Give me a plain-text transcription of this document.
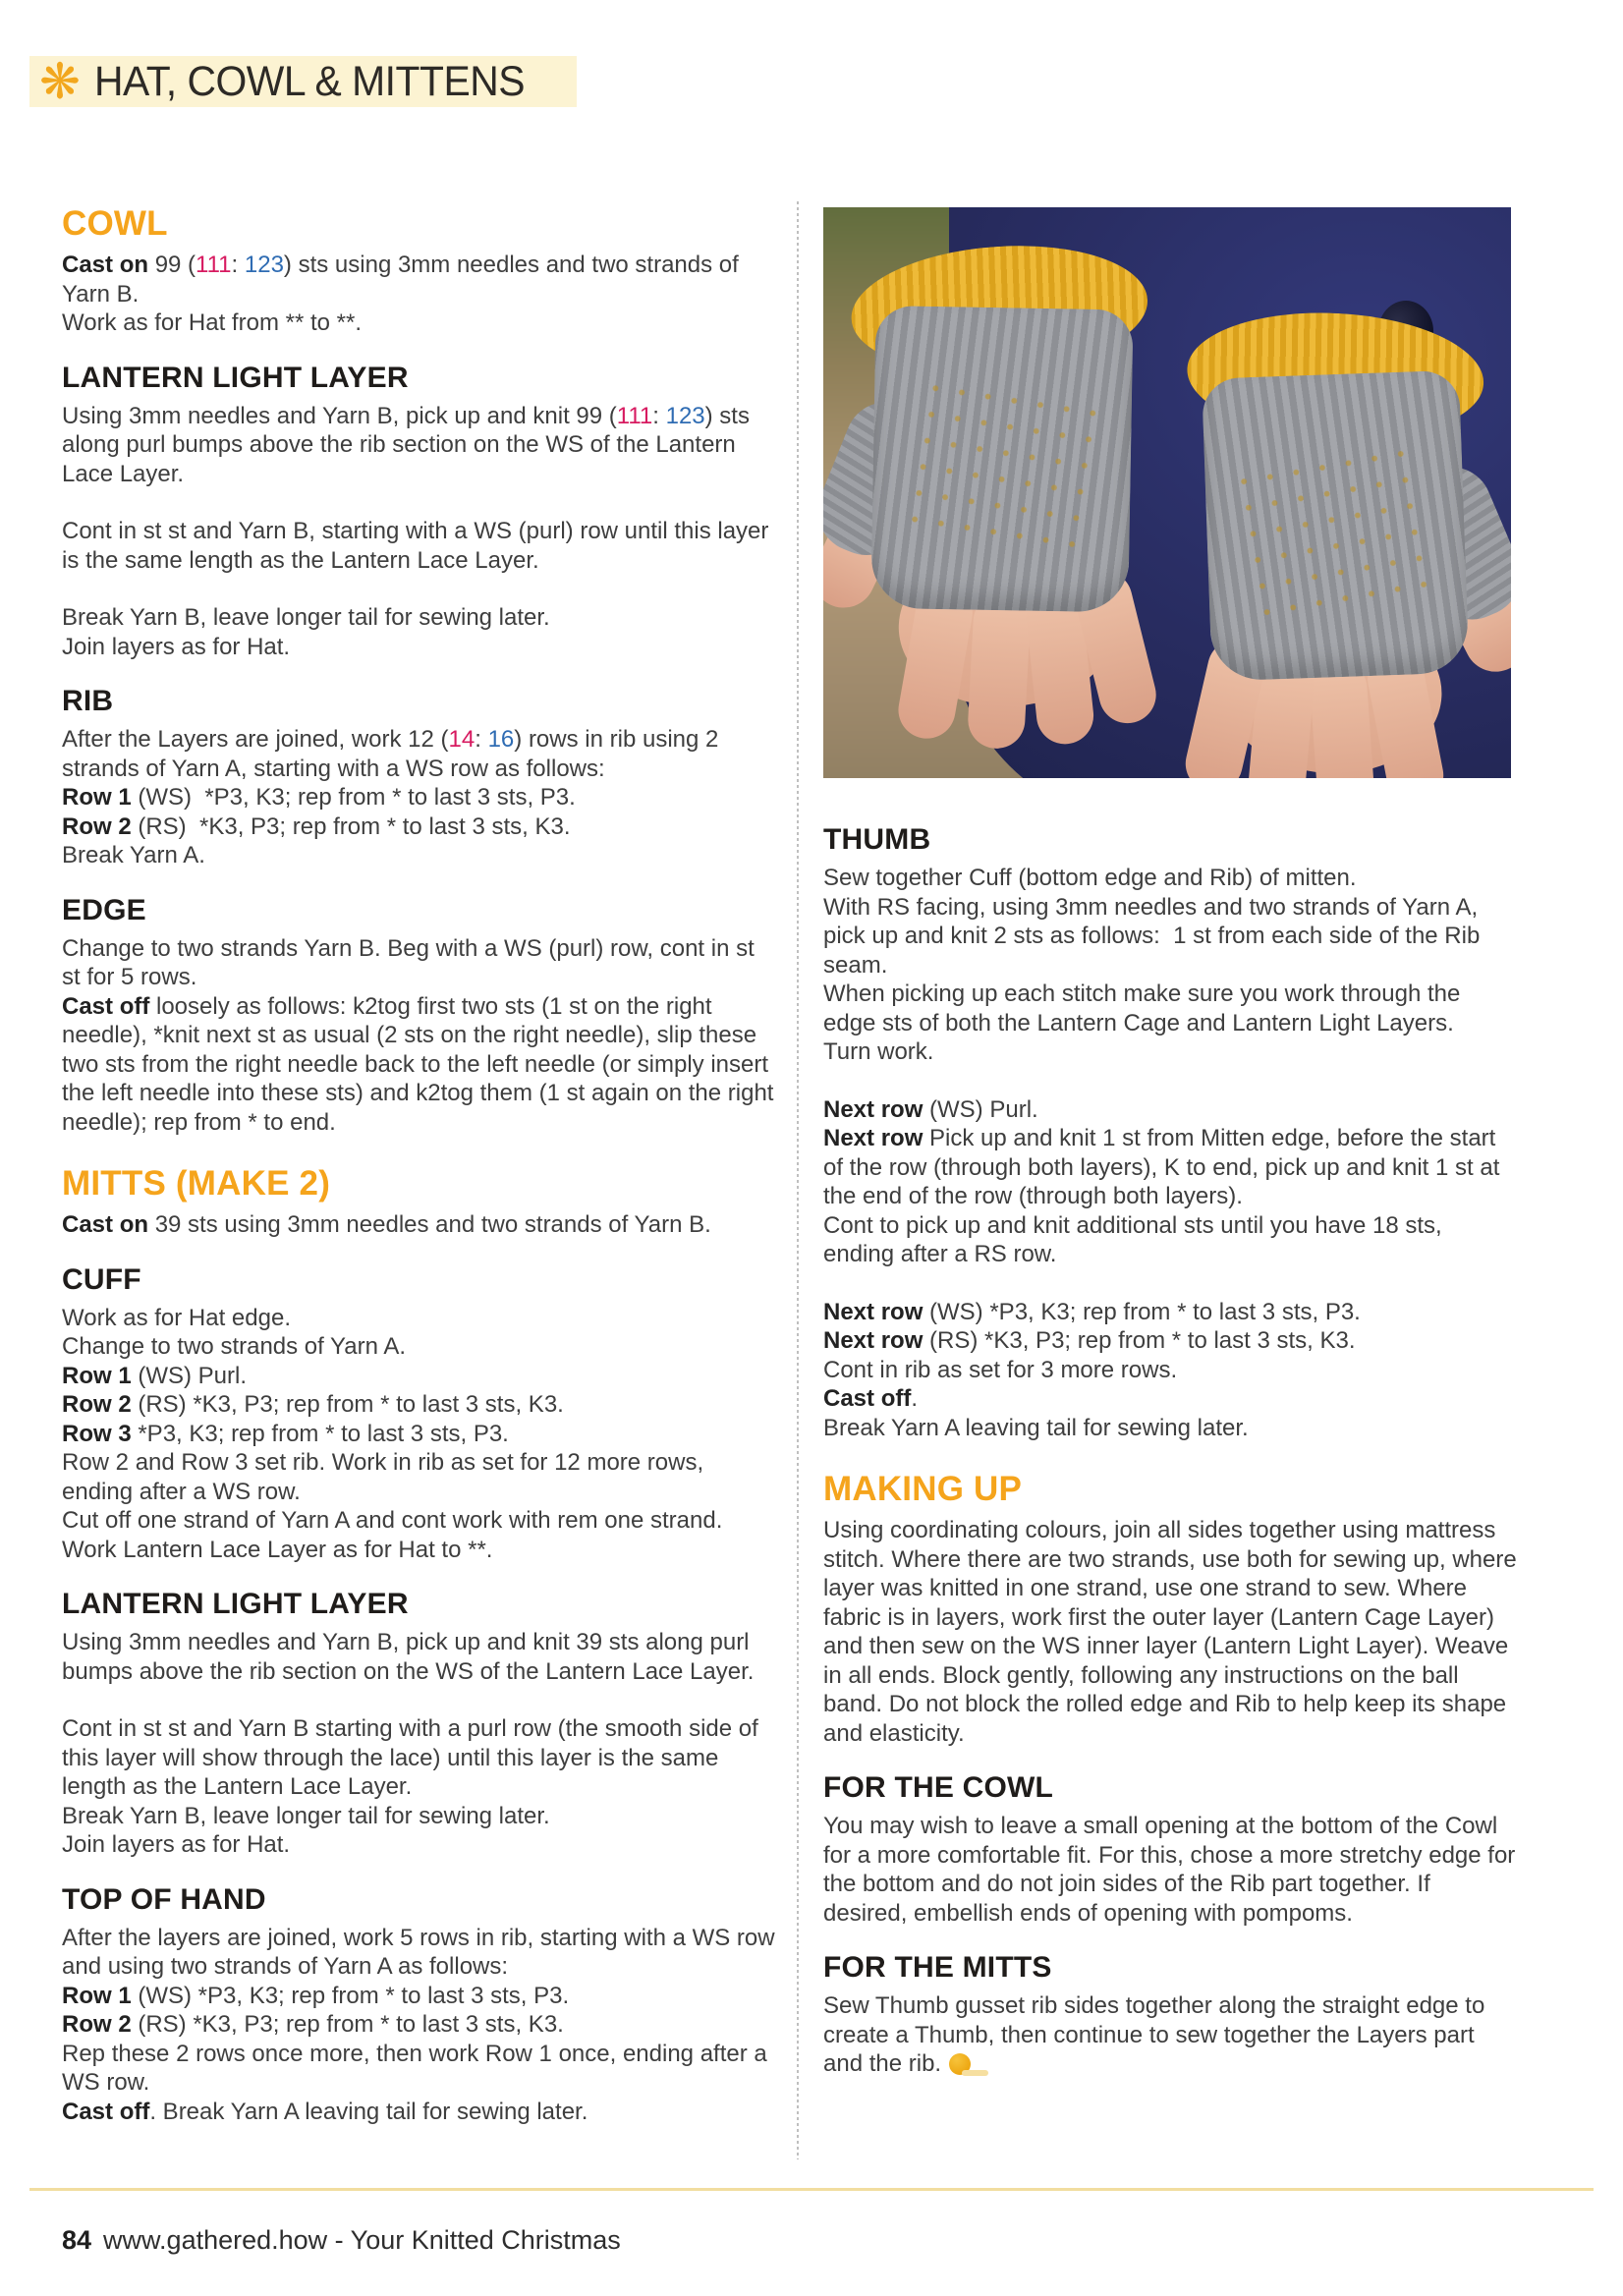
❋
HAT, COWL & MITTENS
COWL

Cast on 99 (111: 123) sts using 3mm needles and two strands of Yarn B.

Work as for Hat from ** to **.

LANTERN LIGHT LAYER

Using 3mm needles and Yarn B, pick up and knit 99 (111: 123) sts along purl bumps above the rib section on the WS of the Lantern Lace Layer.

Cont in st st and Yarn B, starting with a WS (purl) row until this layer is the same length as the Lantern Lace Layer.

Break Yarn B, leave longer tail for sewing later.

Join layers as for Hat.

RIB

After the Layers are joined, work 12 (14: 16) rows in rib using 2 strands of Yarn A, starting with a WS row as follows:

Row 1 (WS)  *P3, K3; rep from * to last 3 sts, P3.

Row 2 (RS)  *K3, P3; rep from * to last 3 sts, K3.

Break Yarn A.

EDGE

Change to two strands Yarn B. Beg with a WS (purl) row, cont in st st for 5 rows.

Cast off loosely as follows: k2tog first two sts (1 st on the right needle), *knit next st as usual (2 sts on the right needle), slip these two sts from the right needle back to the left needle (or simply insert the left needle into these sts) and k2tog them (1 st again on the right needle); rep from * to end.

MITTS (MAKE 2)

Cast on 39 sts using 3mm needles and two strands of Yarn B.

CUFF

Work as for Hat edge.

Change to two strands of Yarn A.

Row 1 (WS) Purl.

Row 2 (RS) *K3, P3; rep from * to last 3 sts, K3.

Row 3 *P3, K3; rep from * to last 3 sts, P3.

Row 2 and Row 3 set rib. Work in rib as set for 12 more rows, ending after a WS row.

Cut off one strand of Yarn A and cont work with rem one strand.

Work Lantern Lace Layer as for Hat to **.

LANTERN LIGHT LAYER

Using 3mm needles and Yarn B, pick up and knit 39 sts along purl bumps above the rib section on the WS of the Lantern Lace Layer.

Cont in st st and Yarn B starting with a purl row (the smooth side of this layer will show through the lace) until this layer is the same length as the Lantern Lace Layer.

Break Yarn B, leave longer tail for sewing later.

Join layers as for Hat.

TOP OF HAND

After the layers are joined, work 5 rows in rib, starting with a WS row and using two strands of Yarn A as follows:

Row 1 (WS) *P3, K3; rep from * to last 3 sts, P3.

Row 2 (RS) *K3, P3; rep from * to last 3 sts, K3.

Rep these 2 rows once more, then work Row 1 once, ending after a WS row.

Cast off. Break Yarn A leaving tail for sewing later.

THUMB

Sew together Cuff (bottom edge and Rib) of mitten.

With RS facing, using 3mm needles and two strands of Yarn A, pick up and knit 2 sts as follows:  1 st from each side of the Rib seam.

When picking up each stitch make sure you work through the edge sts of both the Lantern Cage and Lantern Light Layers.

Turn work.

Next row (WS) Purl.

Next row Pick up and knit 1 st from Mitten edge, before the start of the row (through both layers), K to end, pick up and knit 1 st at the end of the row (through both layers).

Cont to pick up and knit additional sts until you have 18 sts, ending after a RS row.

Next row (WS) *P3, K3; rep from * to last 3 sts, P3.

Next row (RS) *K3, P3; rep from * to last 3 sts, K3.

Cont in rib as set for 3 more rows.

Cast off.

Break Yarn A leaving tail for sewing later.

MAKING UP

Using coordinating colours, join all sides together using mattress stitch. Where there are two strands, use both for sewing up, where layer was knitted in one strand, use one strand to sew. Where fabric is in layers, work first the outer layer (Lantern Cage Layer) and then sew on the WS inner layer (Lantern Light Layer). Weave in all ends. Block gently, following any instructions on the ball band. Do not block the rolled edge and Rib to help keep its shape and elasticity.

FOR THE COWL

You may wish to leave a small opening at the bottom of the Cowl for a more comfortable fit. For this, chose a more stretchy edge for the bottom and do not join sides of the Rib part together. If desired, embellish ends of opening with pompoms.

FOR THE MITTS

Sew Thumb gusset rib sides together along the straight edge to create a Thumb, then continue to sew together the Layers part and the rib.

84 www.gathered.how - Your Knitted Christmas
